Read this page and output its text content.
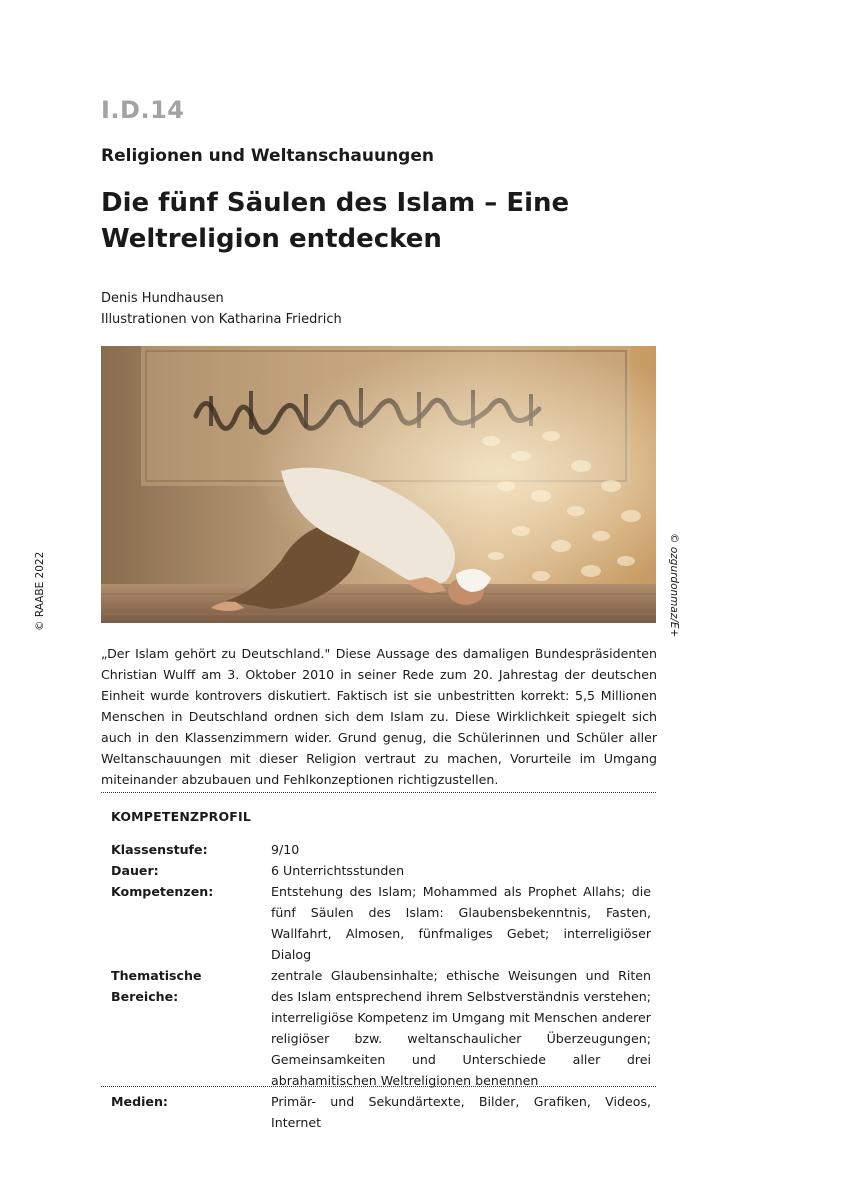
I.D.14
Religionen und Weltanschauungen
Die fünf Säulen des Islam – Eine Weltreligion entdecken
Denis Hundhausen
Illustrationen von Katharina Friedrich
© RAABE 2022	© ozgurdonmaz/E+

„Der Islam gehört zu Deutschland." Diese Aussage des damaligen Bundespräsidenten Christian Wulff am 3. Oktober 2010 in seiner Rede zum 20. Jahrestag der deutschen Einheit wurde kontrovers diskutiert. Faktisch ist sie unbestritten korrekt: 5,5 Millionen Menschen in Deutschland ordnen sich dem Islam zu. Diese Wirklichkeit spiegelt sich auch in den Klassenzimmern wider. Grund genug, die Schülerinnen und Schüler aller Weltanschauungen mit dieser Religion vertraut zu machen, Vorurteile im Umgang miteinander abzubauen und Fehlkonzeptionen richtigzustellen.

KOMPETENZPROFIL
Klassenstufe:	9/10
Dauer:	6 Unterrichtsstunden
Kompetenzen:	Entstehung des Islam; Mohammed als Prophet Allahs; die fünf Säulen des Islam: Glaubensbekenntnis, Fasten, Wallfahrt, Almosen, fünfmaliges Gebet; interreligiöser Dialog
Thematische Bereiche:
zentrale Glaubensinhalte; ethische Weisungen und Riten des Islam entsprechend ihrem Selbstverständnis verstehen; interreligiöse Kompetenz im Umgang mit Menschen anderer religiöser bzw. weltanschaulicher Überzeugungen; Gemeinsamkeiten und Unterschiede aller drei abrahamitischen Weltreligionen benennen
Medien:	Primär- und Sekundärtexte, Bilder, Grafiken, Videos, Internet
